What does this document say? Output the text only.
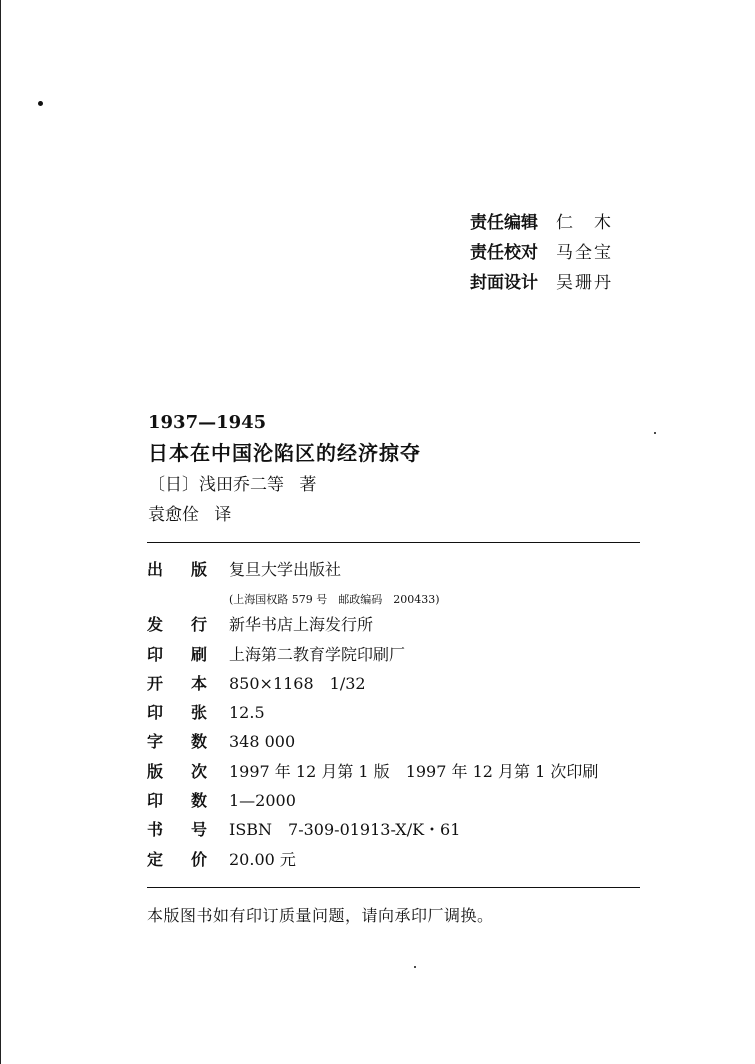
责任编辑	仁　木
责任校对	马全宝
封面设计	吴珊丹
1937—1945
日本在中国沦陷区的经济掠夺
〔日〕浅田乔二等 著
袁愈佺 译
出 版 复旦大学出版社
(上海国权路 579 号　邮政编码　200433)
发 行 新华书店上海发行所
印 刷 上海第二教育学院印刷厂
开 本 850×1168　1/32
印 张 12.5
字 数 348 000
版 次 1997 年 12 月第 1 版　1997 年 12 月第 1 次印刷
印 数 1—2000
书 号 ISBN　7-309-01913-X/K・61
定 价 20.00 元
本版图书如有印订质量问题，请向承印厂调换。
